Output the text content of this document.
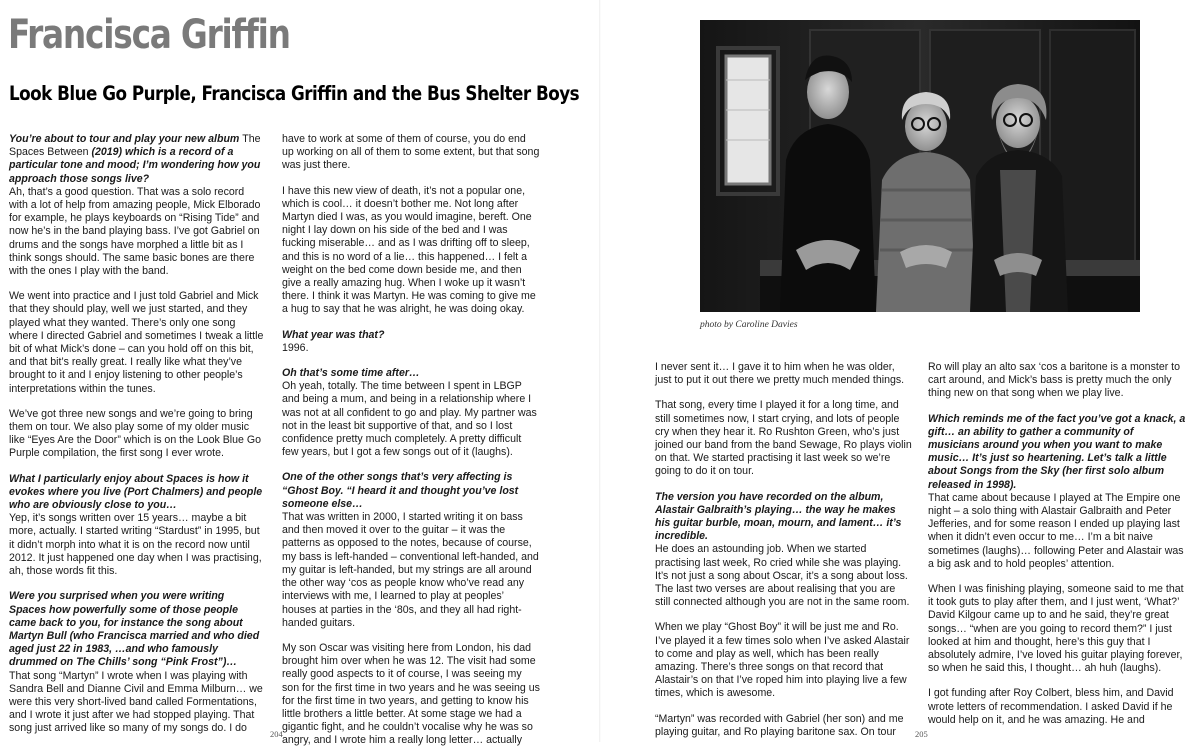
Francisca Griffin
Look Blue Go Purple, Francisca Griffin and the Bus Shelter Boys

You’re about to tour and play your new album The Spaces Between (2019) which is a record of a particular tone and mood; I’m wondering how you approach those songs live?
Ah, that’s a good question. That was a solo record with a lot of help from amazing people, Mick Elborado for example, he plays keyboards on “Rising Tide” and now he’s in the band playing bass. I’ve got Gabriel on drums and the songs have morphed a little bit as I think songs should. The same basic bones are there with the ones I play with the band.

We went into practice and I just told Gabriel and Mick that they should play, well we just started, and they played what they wanted. There’s only one song where I directed Gabriel and sometimes I tweak a little bit of what Mick’s done – can you hold off on this bit, and that bit’s really great. I really like what they’ve brought to it and I enjoy listening to other people’s interpretations within the tunes.

We’ve got three new songs and we’re going to bring them on tour. We also play some of my older music like “Eyes Are the Door” which is on the Look Blue Go Purple compilation, the first song I ever wrote.

What I particularly enjoy about Spaces is how it evokes where you live (Port Chalmers) and people who are obviously close to you…
Yep, it’s songs written over 15 years… maybe a bit more, actually. I started writing “Stardust” in 1995, but it didn’t morph into what it is on the record now until 2012. It just happened one day when I was practising, ah, those words fit this.

Were you surprised when you were writing Spaces how powerfully some of those people came back to you, for instance the song about Martyn Bull (who Francisca married and who died aged just 22 in 1983, …and who famously drummed on The Chills’ song “Pink Frost”)…
That song “Martyn” I wrote when I was playing with Sandra Bell and Dianne Civil and Emma Milburn… we were this very short-lived band called Formentations, and I wrote it just after we had stopped playing. That song just arrived like so many of my songs do. I do

have to work at some of them of course, you do end up working on all of them to some extent, but that song was just there.

I have this new view of death, it’s not a popular one, which is cool… it doesn’t bother me. Not long after Martyn died I was, as you would imagine, bereft. One night I lay down on his side of the bed and I was fucking miserable… and as I was drifting off to sleep, and this is no word of a lie… this happened… I felt a weight on the bed come down beside me, and then give a really amazing hug. When I woke up it wasn’t there. I think it was Martyn. He was coming to give me a hug to say that he was alright, he was doing okay.

What year was that?
1996.

Oh that’s some time after…
Oh yeah, totally. The time between I spent in LBGP and being a mum, and being in a relationship where I was not at all confident to go and play. My partner was not in the least bit supportive of that, and so I lost confidence pretty much completely. A pretty difficult few years, but I got a few songs out of it (laughs).

One of the other songs that’s very affecting is “Ghost Boy. “I heard it and thought you’ve lost someone else…
That was written in 2000, I started writing it on bass and then moved it over to the guitar – it was the patterns as opposed to the notes, because of course, my bass is left-handed – conventional left-handed, and my guitar is left-handed, but my strings are all around the other way ‘cos as people know who’ve read any interviews with me, I learned to play at peoples’ houses at parties in the ‘80s, and they all had right-handed guitars.

My son Oscar was visiting here from London, his dad brought him over when he was 12. The visit had some really good aspects to it of course, I was seeing my son for the first time in two years and he was seeing us for the first time in two years, and getting to know his little brothers a little better. At some stage we had a gigantic fight, and he couldn’t vocalise why he was so angry, and I wrote him a really long letter… actually

204
photo by Caroline Davies

I never sent it… I gave it to him when he was older, just to put it out there we pretty much mended things.

That song, every time I played it for a long time, and still sometimes now, I start crying, and lots of people cry when they hear it. Ro Rushton Green, who’s just joined our band from the band Sewage, Ro plays violin on that. We started practising it last week so we’re going to do it on tour.

The version you have recorded on the album, Alastair Galbraith’s playing… the way he makes his guitar burble, moan, mourn, and lament… it’s incredible.
He does an astounding job. When we started practising last week, Ro cried while she was playing. It’s not just a song about Oscar, it’s a song about loss. The last two verses are about realising that you are still connected although you are not in the same room.

When we play “Ghost Boy” it will be just me and Ro. I’ve played it a few times solo when I’ve asked Alastair to come and play as well, which has been really amazing. There’s three songs on that record that Alastair’s on that I’ve roped him into playing live a few times, which is awesome.

“Martyn” was recorded with Gabriel (her son) and me playing guitar, and Ro playing baritone sax. On tour

Ro will play an alto sax ‘cos a baritone is a monster to cart around, and Mick’s bass is pretty much the only thing new on that song when we play live.

Which reminds me of the fact you’ve got a knack, a gift… an ability to gather a community of musicians around you when you want to make music… It’s just so heartening. Let’s talk a little about Songs from the Sky (her first solo album released in 1998).
That came about because I played at The Empire one night – a solo thing with Alastair Galbraith and Peter Jefferies, and for some reason I ended up playing last when it didn’t even occur to me… I’m a bit naive sometimes (laughs)… following Peter and Alastair was a big ask and to hold peoples’ attention.

When I was finishing playing, someone said to me that it took guts to play after them, and I just went, ‘What?’ David Kilgour came up to and he said, they’re great songs… “when are you going to record them?” I just looked at him and thought, here’s this guy that I absolutely admire, I’ve loved his guitar playing forever, so when he said this, I thought… ah huh (laughs).

I got funding after Roy Colbert, bless him, and David wrote letters of recommendation. I asked David if he would help on it, and he was amazing. He and

205
